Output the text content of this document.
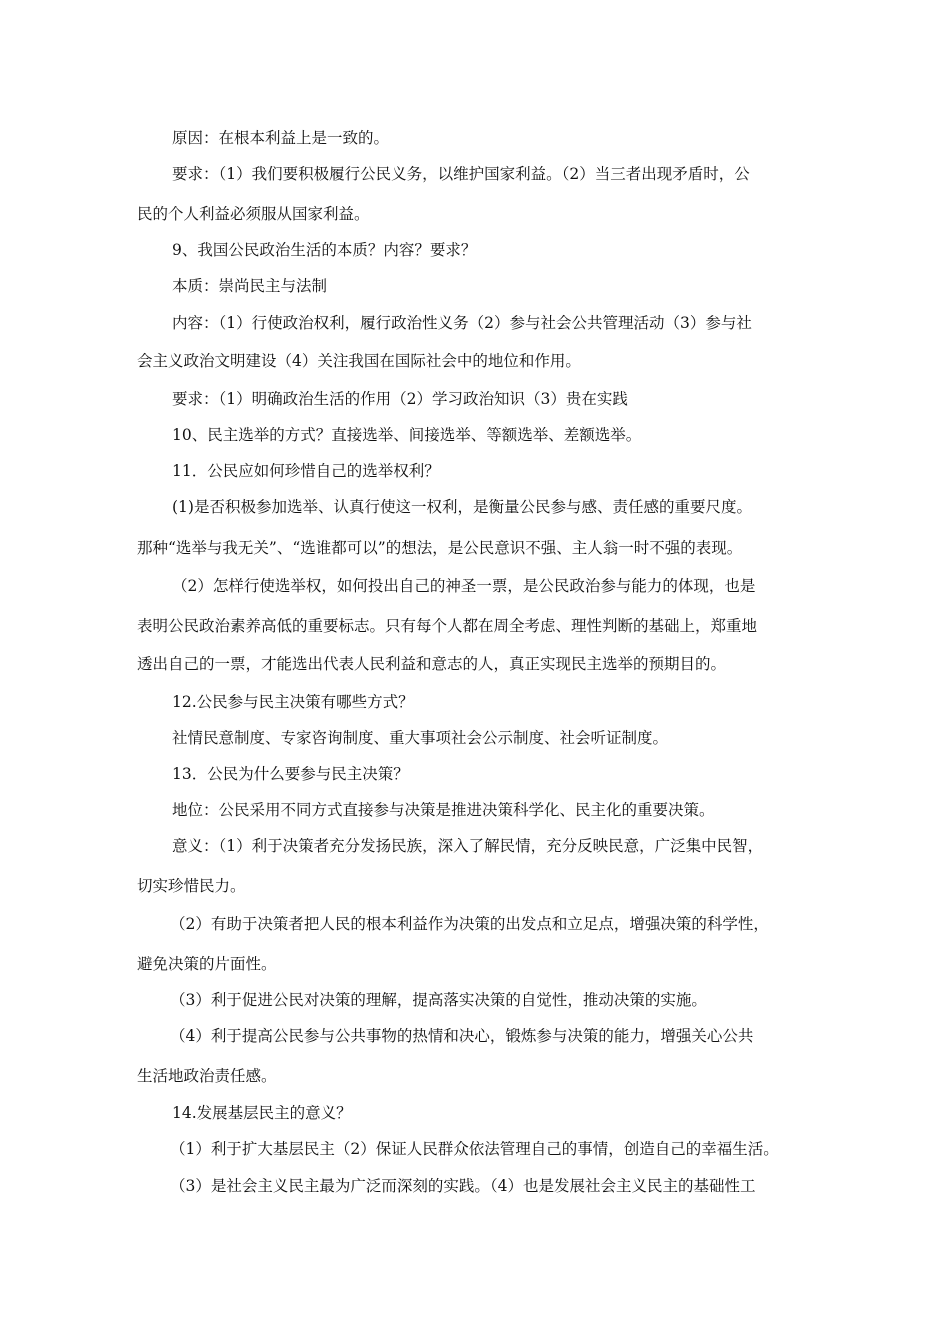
原因：在根本利益上是一致的。
要求：（1）我们要积极履行公民义务，以维护国家利益。（2）当三者出现矛盾时，公
民的个人利益必须服从国家利益。
9、我国公民政治生活的本质？内容？要求？
本质：崇尚民主与法制
内容：（1）行使政治权利，履行政治性义务（2）参与社会公共管理活动（3）参与社
会主义政治文明建设（4）关注我国在国际社会中的地位和作用。
要求：（1）明确政治生活的作用（2）学习政治知识（3）贵在实践
10、民主选举的方式？直接选举、间接选举、等额选举、差额选举。
11．公民应如何珍惜自己的选举权利？
(1)是否积极参加选举、认真行使这一权利，是衡量公民参与感、责任感的重要尺度。
那种“选举与我无关”、“选谁都可以”的想法，是公民意识不强、主人翁一时不强的表现。
（2）怎样行使选举权，如何投出自己的神圣一票，是公民政治参与能力的体现，也是
表明公民政治素养高低的重要标志。只有每个人都在周全考虑、理性判断的基础上，郑重地
透出自己的一票，才能选出代表人民利益和意志的人，真正实现民主选举的预期目的。
12.公民参与民主决策有哪些方式？
社情民意制度、专家咨询制度、重大事项社会公示制度、社会听证制度。
13．公民为什么要参与民主决策？
地位：公民采用不同方式直接参与决策是推进决策科学化、民主化的重要决策。
意义：（1）利于决策者充分发扬民族，深入了解民情，充分反映民意，广泛集中民智，
切实珍惜民力。
（2）有助于决策者把人民的根本利益作为决策的出发点和立足点，增强决策的科学性，
避免决策的片面性。
（3）利于促进公民对决策的理解，提高落实决策的自觉性，推动决策的实施。
（4）利于提高公民参与公共事物的热情和决心，锻炼参与决策的能力，增强关心公共
生活地政治责任感。
14.发展基层民主的意义？
（1）利于扩大基层民主（2）保证人民群众依法管理自己的事情，创造自己的幸福生活。
（3）是社会主义民主最为广泛而深刻的实践。（4）也是发展社会主义民主的基础性工
